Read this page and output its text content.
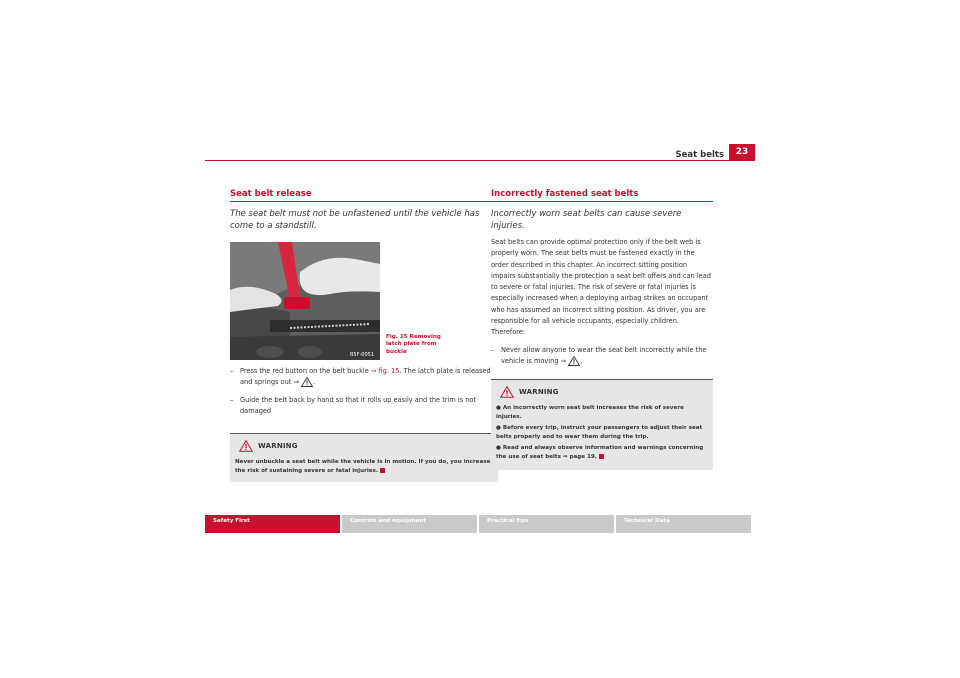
Seat belts	23
Seat belt release
The seat belt must not be unfastened until the vehicle has come to a standstill.
B5F-0051
Fig. 15 Removing latch plate from buckle
– Press the red button on the belt buckle ⇒ fig. 15. The latch plate is released and springs out ⇒ .
– Guide the belt back by hand so that it rolls up easily and the trim is not damaged
WARNING
Never unbuckle a seat belt while the vehicle is in motion. If you do, you increase the risk of sustaining severe or fatal injuries.
Incorrectly fastened seat belts
Incorrectly worn seat belts can cause severe injuries.
Seat belts can provide optimal protection only if the belt web is properly worn. The seat belts must be fastened exactly in the order described in this chapter. An incorrect sitting position impairs substantially the protection a seat belt offers and can lead to severe or fatal injuries. The risk of severe or fatal injuries is especially increased when a deploying airbag strikes an occupant who has assumed an incorrect sitting position. As driver, you are responsible for all vehicle occupants, especially children. Therefore:
– Never allow anyone to wear the seat belt incorrectly while the vehicle is moving ⇒ .
WARNING
● An incorrectly worn seat belt increases the risk of severe injuries.
● Before every trip, instruct your passengers to adjust their seat belts properly and to wear them during the trip.
● Read and always observe information and warnings concerning the use of seat belts ⇒ page 19.
Safety First	Controls and equipment	Practical tips	Technical Data
